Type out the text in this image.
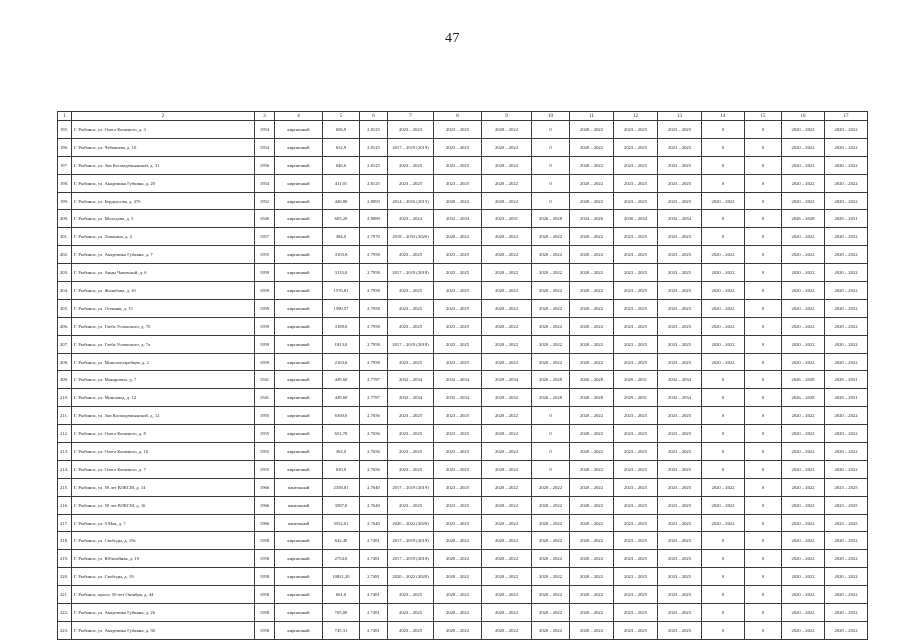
47
1	2	3	4	5	6	7	8	9	10	11	12	13	14	15	16	17
195.	Г. Рыбинск, ул. Олега Кошевого, д. 3	1954	кирпичный	656,9	2.8125	2023 – 2023	2023 – 2025	2020 – 2022	0	2020 – 2022	2023 – 2025	2023 – 2025	0	0	2020 – 2022	2020 – 2022
196.	Г. Рыбинск, ул. Чебышева, д. 10	1954	кирпичный	632,9	2.8125	2017 – 2019 (2019)	2023 – 2025	2020 – 2022	0	2020 – 2022	2023 – 2025	2023 – 2025	0	0	2020 – 2022	2020 – 2022
197.	Г. Рыбинск, ул. Зои Космодемьянской, д. 31	1956	кирпичный	646,6	2.8125	2023 – 2025	2023 – 2025	2020 – 2022	0	2020 – 2022	2023 – 2025	2023 – 2025	0	0	2020 – 2022	2020 – 2022
198.	Г. Рыбинск, ул. Академика Губкина, д. 20	1954	кирпичный	411,01	2.8125	2023 – 2025	2023 – 2025	2020 – 2022	0	2020 – 2022	2023 – 2025	2023 – 2025	0	0	2020 – 2022	2020 – 2022
199.	Г. Рыбинск, ул. Бердоусова, д. 47б	1952	кирпичный	440,80	2.8093	2014 – 2016 (2015)	2020 – 2022	2020 – 2022	0	2020 – 2022	2023 – 2025	2023 – 2025	2020 – 2022	0	2020 – 2022	2020 – 2022
200.	Г. Рыбинск, ул. Молодова, д. 5	1940	кирпичный	603,20	2.8089	2023 – 2024	2032 – 2034	2023 – 2031	2026 – 2028	2024 – 2026	2030 – 2034	2032 – 2034	0	0	2026 – 2028	2029 – 2031
201.	Г. Рыбинск, ул. Лошкина, д. 4	1957	кирпичный	384,0	2.7970	2018 – 2033 (2026)	2020 – 2022	2020 – 2022	2020 – 2022	2020 – 2022	2023 – 2025	2023 – 2025	0	0	2020 – 2022	2020 – 2022
202.	Г. Рыбинск, ул. Академика Губкина, д. 7	1955	кирпичный	3103,8	2.7958	2023 – 2025	2023 – 2025	2020 – 2022	2020 – 2022	2020 – 2022	2023 – 2025	2023 – 2025	2020 – 2022	0	2020 – 2022	2020 – 2022
203.	Г. Рыбинск, ул. Анны Чаковской, д. 6	1959	кирпичный	3135,0	2.7958	2017 – 2019 (2018)	2023 – 2025	2020 – 2022	2020 – 2022	2020 – 2022	2023 – 2025	2023 – 2025	2020 – 2022	0	2020 – 2022	2020 – 2022
204.	Г. Рыбинск, ул. Жалибова, д. 10	1959	кирпичный	1576,81	2.7958	2023 – 2025	2023 – 2025	2020 – 2022	2020 – 2022	2020 – 2022	2023 – 2025	2023 – 2025	2020 – 2022	0	2020 – 2022	2020 – 2022
205.	Г. Рыбинск, ул. Осенняя, д. 15	1959	кирпичный	1590,57	2.7958	2023 – 2025	2023 – 2025	2020 – 2022	2020 – 2022	2020 – 2022	2023 – 2025	2023 – 2025	2020 – 2022	0	2020 – 2022	2020 – 2022
206.	Г. Рыбинск, ул. Глеба Успенского, д. 76	1959	кирпичный	3188,0	2.7958	2023 – 2025	2023 – 2025	2020 – 2022	2020 – 2022	2020 – 2022	2023 – 2025	2023 – 2025	2020 – 2022	0	2020 – 2022	2020 – 2022
207.	Г. Рыбинск, ул. Глеба Успенского, д. 7а	1959	кирпичный	1813,0	2.7958	2017 – 2019 (2018)	2023 – 2025	2020 – 2022	2020 – 2022	2020 – 2022	2023 – 2025	2023 – 2025	2020 – 2022	0	2020 – 2022	2020 – 2022
208.	Г. Рыбинск, ул. Моноохотаребцев, д. 2	1959	кирпичный	2163,6	2.7958	2023 – 2025	2023 – 2025	2020 – 2022	2020 – 2022	2020 – 2022	2023 – 2025	2023 – 2025	2020 – 2022	0	2020 – 2022	2020 – 2022
209.	Г. Рыбинск, ул. Макаровых, д. 7	1941	кирпичный	449,60	2.7787	2032 – 2034	2032 – 2034	2029 – 2034	2026 – 2028	2026 – 2028	2029 – 2031	2032 – 2034	0	0	2026 – 2028	2029 – 2031
210.	Г. Рыбинск, ул. Моноквод, д. 12	1941	кирпичный	449,60	2.7787	2032 – 2034	2032 – 2034	2029 – 2032	2026 – 2028	2026 – 2028	2029 – 2031	2032 – 2034	0	0	2026 – 2028	2029 – 2031
211.	Г. Рыбинск, ул. Зои Космодемьянской, д. 12	1955	кирпичный	6300,0	2.7656	2023 – 2025	2023 – 2025	2020 – 2022	0	2020 – 2022	2023 – 2025	2023 – 2025	0	0	2020 – 2022	2020 – 2022
212.	Г. Рыбинск, ул. Олега Кошевого, д. 8	1955	кирпичный	653,70	2.7656	2023 – 2025	2023 – 2025	2020 – 2022	0	2020 – 2022	2023 – 2025	2023 – 2025	0	0	2020 – 2022	2020 – 2022
213.	Г. Рыбинск, ул. Олега Кошевого, д. 10	1955	кирпичный	362,0	2.7656	2023 – 2025	2023 – 2025	2020 – 2022	0	2020 – 2022	2023 – 2025	2023 – 2025	0	0	2020 – 2022	2020 – 2022
214.	Г. Рыбинск, ул. Олега Кошевого, д. 7	1955	кирпичный	639,0	2.7656	2023 – 2025	2023 – 2025	2020 – 2022	0	2020 – 2022	2023 – 2025	2023 – 2025	0	0	2020 – 2022	2020 – 2022
215.	Г. Рыбинск, ул. 50 лет ВЛКСМ, д. 14	1966	панельный	2358,01	2.7640	2017 – 2019 (2019)	2023 – 2025	2020 – 2022	2020 – 2022	2020 – 2022	2023 – 2025	2023 – 2025	2020 – 2022	0	2020 – 2022	2023 – 2025
216.	Г. Рыбинск, ул. 50 лет ВЛКСМ, д. 16	1966	панельный	3587,0	2.7640	2023 – 2025	2023 – 2025	2020 – 2022	2020 – 2022	2020 – 2022	2023 – 2025	2023 – 2025	2020 – 2022	0	2020 – 2022	2023 – 2025
217.	Г. Рыбинск, ул. 9 Мая, д. 7	1966	панельный	3552,01	2.7640	2020 – 2022 (2020)	2023 – 2025	2020 – 2022	2020 – 2022	2020 – 2022	2023 – 2025	2023 – 2025	2020 – 2022	0	2020 – 2022	2023 – 2025
218.	Г. Рыбинск, ул. Свободы, д. 19а	1958	кирпичный	642,40	2.7481	2017 – 2019 (2019)	2020 – 2022	2020 – 2022	2020 – 2022	2020 – 2022	2023 – 2025	2023 – 2025	0	0	2020 – 2022	2020 – 2022
219.	Г. Рыбинск, ул. Юбилейная, д. 19	1958	кирпичный	2754,0	2.7481	2017 – 2019 (2018)	2020 – 2022	2020 – 2022	2020 – 2022	2020 – 2022	2023 – 2025	2023 – 2025	0	0	2020 – 2022	2020 – 2022
220.	Г. Рыбинск, ул. Свободы, д. 19	1958	кирпичный	10821,20	2.7481	2020 – 2022 (2020)	2020 – 2022	2020 – 2022	2020 – 2022	2020 – 2022	2023 – 2025	2023 – 2025	0	0	2020 – 2022	2020 – 2022
221.	Г. Рыбинск, просп. 50-лет Октября, д. 44	1958	кирпичный	661,0	2.7481	2023 – 2025	2020 – 2022	2020 – 2022	2020 – 2022	2020 – 2022	2023 – 2025	2023 – 2025	0	0	2020 – 2022	2020 – 2022
222.	Г. Рыбинск, ул. Академика Губкина, д. 26	1958	кирпичный	765,00	2.7481	2023 – 2025	2020 – 2022	2020 – 2022	2020 – 2022	2020 – 2022	2023 – 2025	2023 – 2025	0	0	2020 – 2022	2020 – 2022
223.	Г. Рыбинск, ул. Академика Губкина, д. 30	1958	кирпичный	745,31	2.7481	2023 – 2025	2020 – 2022	2020 – 2022	2020 – 2022	2020 – 2022	2023 – 2025	2023 – 2025	0	0	2020 – 2022	2020 – 2022
